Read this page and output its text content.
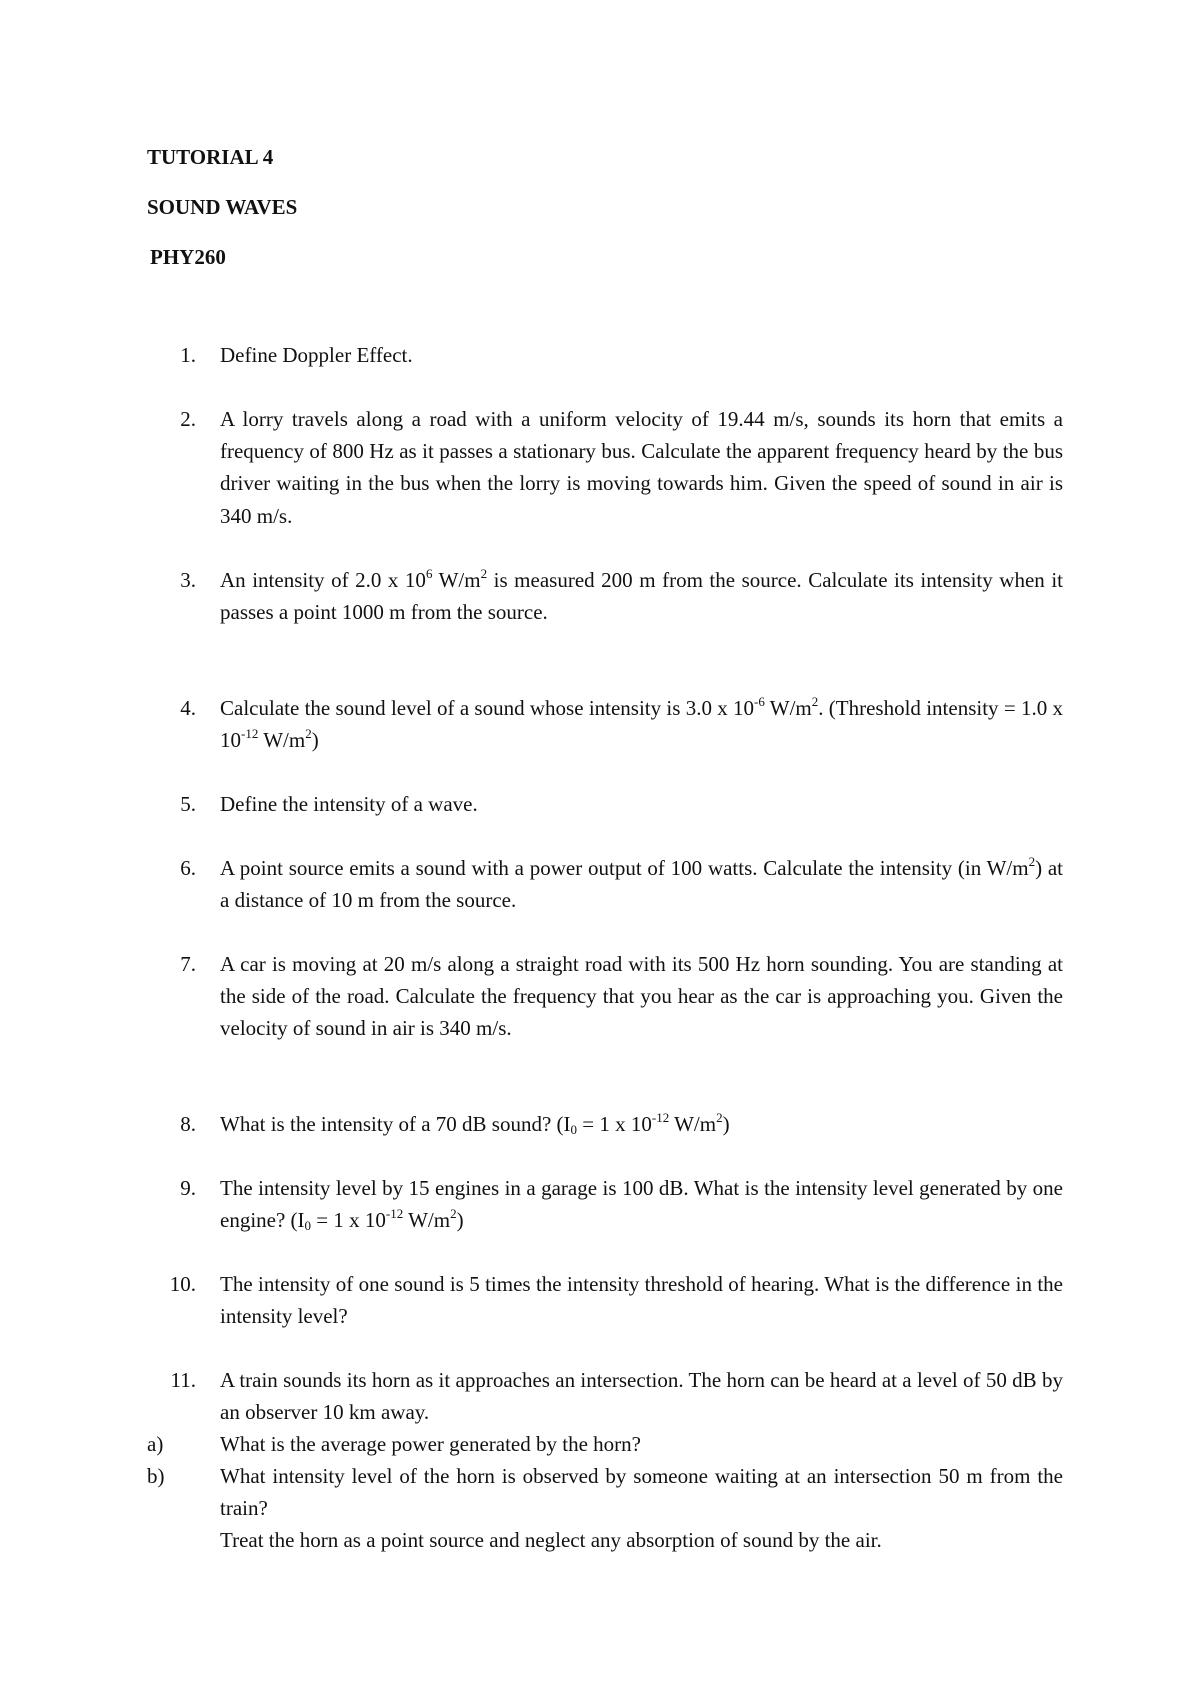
TUTORIAL 4
SOUND WAVES
PHY260
1. Define Doppler Effect.

2. A lorry travels along a road with a uniform velocity of 19.44 m/s, sounds its horn that emits a frequency of 800 Hz as it passes a stationary bus. Calculate the apparent frequency heard by the bus driver waiting in the bus when the lorry is moving towards him. Given the speed of sound in air is 340 m/s.

3. An intensity of 2.0 x $10^6$ $W/m^2$ is measured 200 m from the source. Calculate its intensity when it passes a point 1000 m from the source.

4. Calculate the sound level of a sound whose intensity is 3.0 x $10^{-6}$ $W/m^2$. (Threshold intensity = 1.0 x $10^{-12}$ $W/m^2$)

5. Define the intensity of a wave.

6. A point source emits a sound with a power output of 100 watts. Calculate the intensity (in $W/m^2$) at a distance of 10 m from the source.

7. A car is moving at 20 m/s along a straight road with its 500 Hz horn sounding. You are standing at the side of the road. Calculate the frequency that you hear as the car is approaching you. Given the velocity of sound in air is 340 m/s.

8. What is the intensity of a 70 dB sound? ($I_0 = 1$ x $10^{-12}$ $W/m^2$)

9. The intensity level by 15 engines in a garage is 100 dB. What is the intensity level generated by one engine? ($I_0 = 1$ x $10^{-12}$ $W/m^2$)

10. The intensity of one sound is 5 times the intensity threshold of hearing. What is the difference in the intensity level?

11. A train sounds its horn as it approaches an intersection. The horn can be heard at a level of 50 dB by an observer 10 km away.

a)	What is the average power generated by the horn?
b)	What intensity level of the horn is observed by someone waiting at an intersection 50 m from the train?
Treat the horn as a point source and neglect any absorption of sound by the air.
